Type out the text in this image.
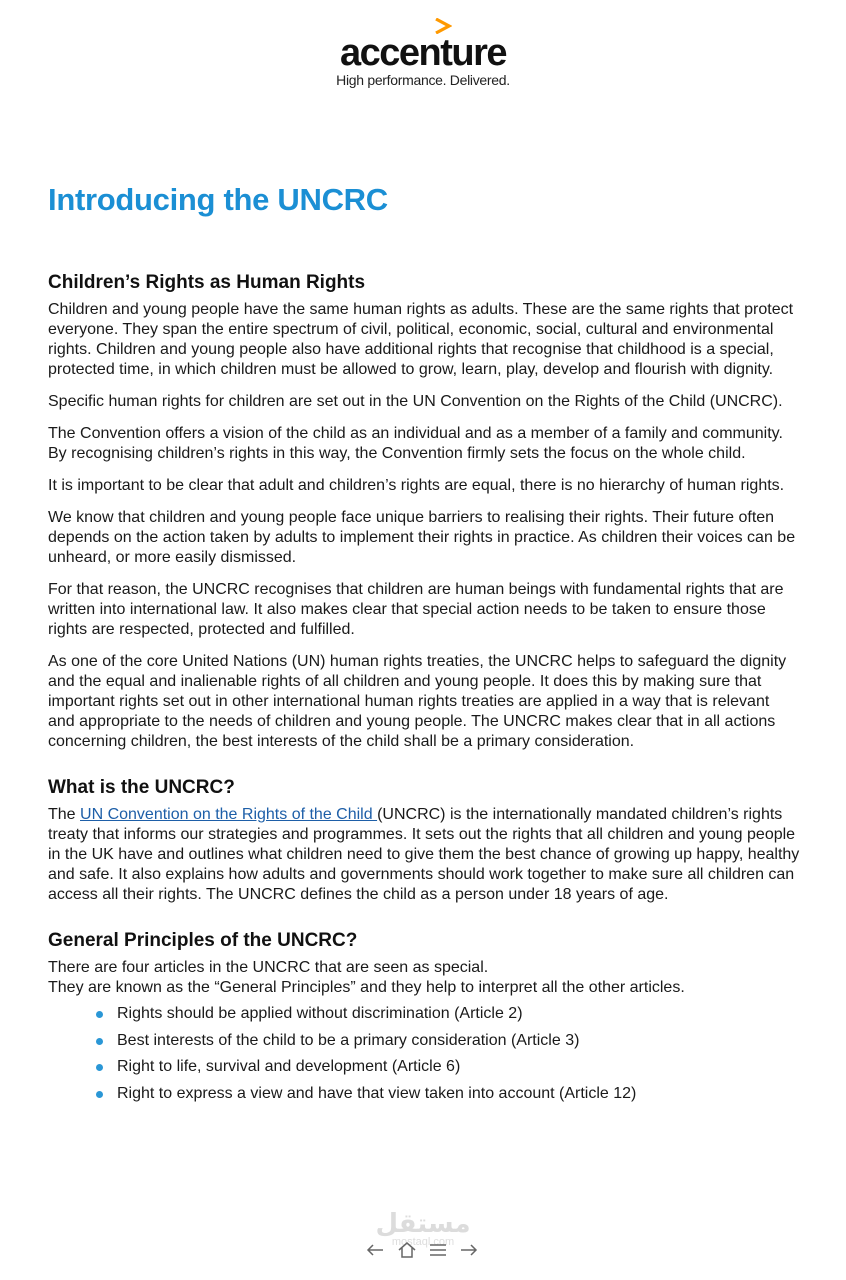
accenture
High performance. Delivered.
Introducing the UNCRC
Children’s Rights as Human Rights

Children and young people have the same human rights as adults. These are the same rights that protect everyone. They span the entire spectrum of civil, political, economic, social, cultural and environmental rights. Children and young people also have additional rights that recognise that childhood is a special, protected time, in which children must be allowed to grow, learn, play, develop and flourish with dignity.

Specific human rights for children are set out in the UN Convention on the Rights of the Child (UNCRC).

The Convention offers a vision of the child as an individual and as a member of a family and community. By recognising children’s rights in this way, the Convention firmly sets the focus on the whole child.

It is important to be clear that adult and children’s rights are equal, there is no hierarchy of human rights.

We know that children and young people face unique barriers to realising their rights. Their future often depends on the action taken by adults to implement their rights in practice. As children their voices can be unheard, or more easily dismissed.

For that reason, the UNCRC recognises that children are human beings with fundamental rights that are written into international law. It also makes clear that special action needs to be taken to ensure those rights are respected, protected and fulfilled.

As one of the core United Nations (UN) human rights treaties, the UNCRC helps to safeguard the dignity and the equal and inalienable rights of all children and young people. It does this by making sure that important rights set out in other international human rights treaties are applied in a way that is relevant and appropriate to the needs of children and young people. The UNCRC makes clear that in all actions concerning children, the best interests of the child shall be a primary consideration.

What is the UNCRC?

The UN Convention on the Rights of the Child (UNCRC) is the internationally mandated children’s rights treaty that informs our strategies and programmes. It sets out the rights that all children and young people in the UK have and outlines what children need to give them the best chance of growing up happy, healthy and safe. It also explains how adults and governments should work together to make sure all children can access all their rights. The UNCRC defines the child as a person under 18 years of age.

General Principles of the UNCRC?

There are four articles in the UNCRC that are seen as special.
They are known as the “General Principles” and they help to interpret all the other articles.

Rights should be applied without discrimination (Article 2)
Best interests of the child to be a primary consideration (Article 3)
Right to life, survival and development (Article 6)
Right to express a view and have that view taken into account (Article 12)
مستقل
mostaql.com
